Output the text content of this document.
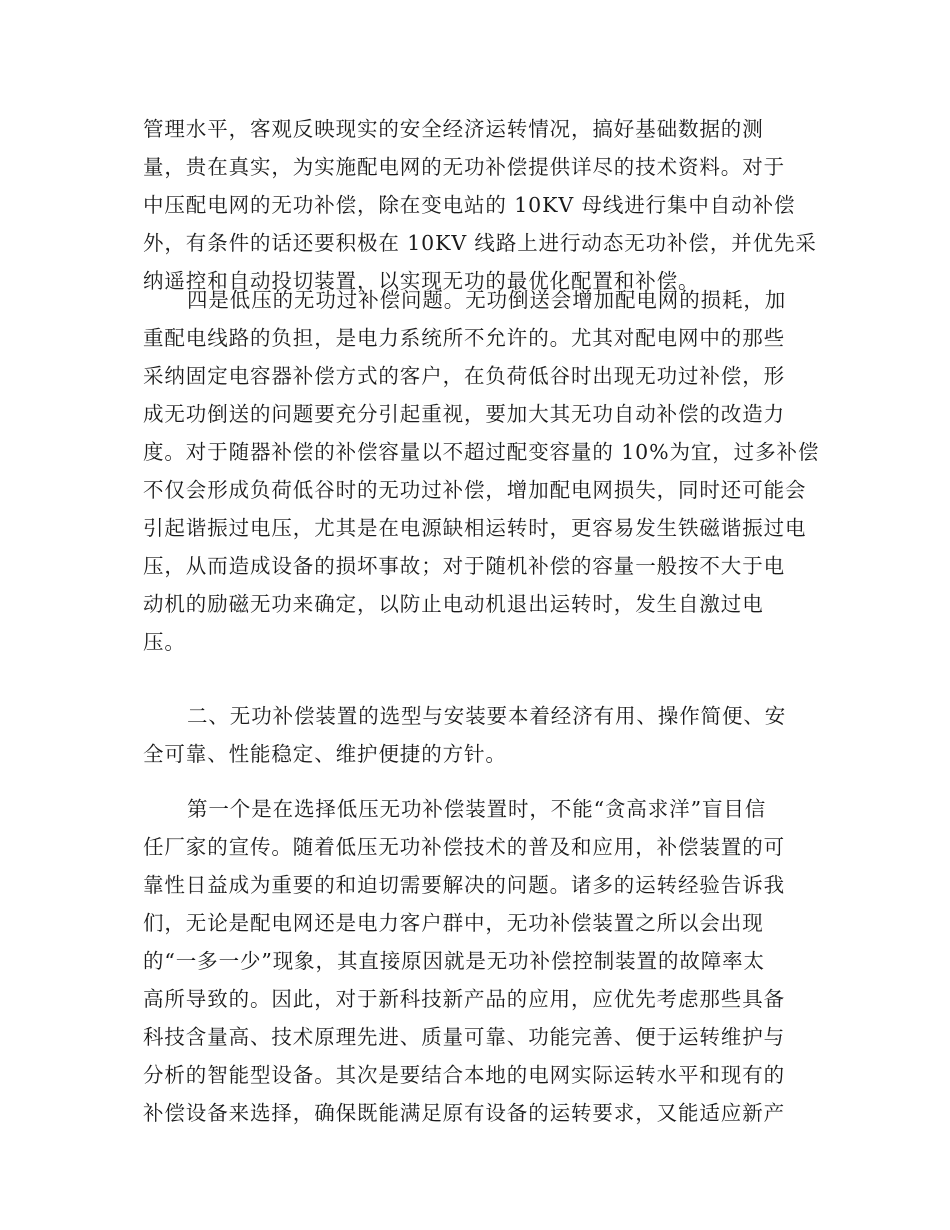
管理水平，客观反映现实的安全经济运转情况，搞好基础数据的测
量，贵在真实，为实施配电网的无功补偿提供详尽的技术资料。对于
中压配电网的无功补偿，除在变电站的 10KV 母线进行集中自动补偿
外，有条件的话还要积极在 10KV 线路上进行动态无功补偿，并优先采
纳遥控和自动投切装置，以实现无功的最优化配置和补偿。
四是低压的无功过补偿问题。无功倒送会增加配电网的损耗，加
重配电线路的负担，是电力系统所不允许的。尤其对配电网中的那些
采纳固定电容器补偿方式的客户，在负荷低谷时出现无功过补偿，形
成无功倒送的问题要充分引起重视，要加大其无功自动补偿的改造力
度。对于随器补偿的补偿容量以不超过配变容量的 10%为宜，过多补偿
不仅会形成负荷低谷时的无功过补偿，增加配电网损失，同时还可能会
引起谐振过电压，尤其是在电源缺相运转时，更容易发生铁磁谐振过电
压，从而造成设备的损坏事故；对于随机补偿的容量一般按不大于电
动机的励磁无功来确定，以防止电动机退出运转时，发生自激过电
压。
二、无功补偿装置的选型与安装要本着经济有用、操作简便、安
全可靠、性能稳定、维护便捷的方针。
第一个是在选择低压无功补偿装置时，不能“贪高求洋”盲目信
任厂家的宣传。随着低压无功补偿技术的普及和应用，补偿装置的可
靠性日益成为重要的和迫切需要解决的问题。诸多的运转经验告诉我
们，无论是配电网还是电力客户群中，无功补偿装置之所以会出现
的“一多一少”现象，其直接原因就是无功补偿控制装置的故障率太
高所导致的。因此，对于新科技新产品的应用，应优先考虑那些具备
科技含量高、技术原理先进、质量可靠、功能完善、便于运转维护与
分析的智能型设备。其次是要结合本地的电网实际运转水平和现有的
补偿设备来选择，确保既能满足原有设备的运转要求，又能适应新产
